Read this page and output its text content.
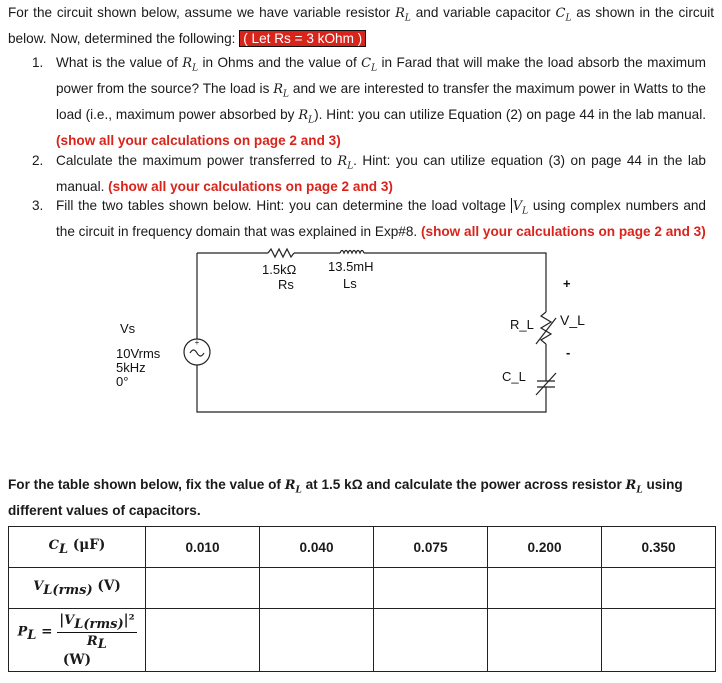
For the circuit shown below, assume we have variable resistor $R_L$ and variable capacitor $C_L$ as shown in the circuit below. Now, determined the following: ( Let Rs = 3 kOhm )
1. What is the value of $R_L$ in Ohms and the value of $C_L$ in Farad that will make the load absorb the maximum power from the source? The load is $R_L$ and we are interested to transfer the maximum power in Watts to the load (i.e., maximum power absorbed by $R_L$). Hint: you can utilize Equation (2) on page 44 in the lab manual. (show all your calculations on page 2 and 3)
2. Calculate the maximum power transferred to $R_L$. Hint: you can utilize equation (3) on page 44 in the lab manual. (show all your calculations on page 2 and 3)
3. Fill the two tables shown below. Hint: you can determine the load voltage $V_L$ using complex numbers and the circuit in frequency domain that was explained in Exp#8. (show all your calculations on page 2 and 3)
+
1.5kΩ
Rs
13.5mH
Ls
Vs
10Vrms
5kHz
0°
R_L
C_L
V_L
+
-
For the table shown below, fix the value of $R_L$ at 1.5 kΩ and calculate the power across resistor $R_L$ using different values of capacitors.
$C_L$ (μF)	0.010	0.040	0.075	0.200	0.350
$V_{L(rms)}$ (V)					
$P_L = \frac{|V_{L(rms)}|^2}{R_L}$
(W)					
